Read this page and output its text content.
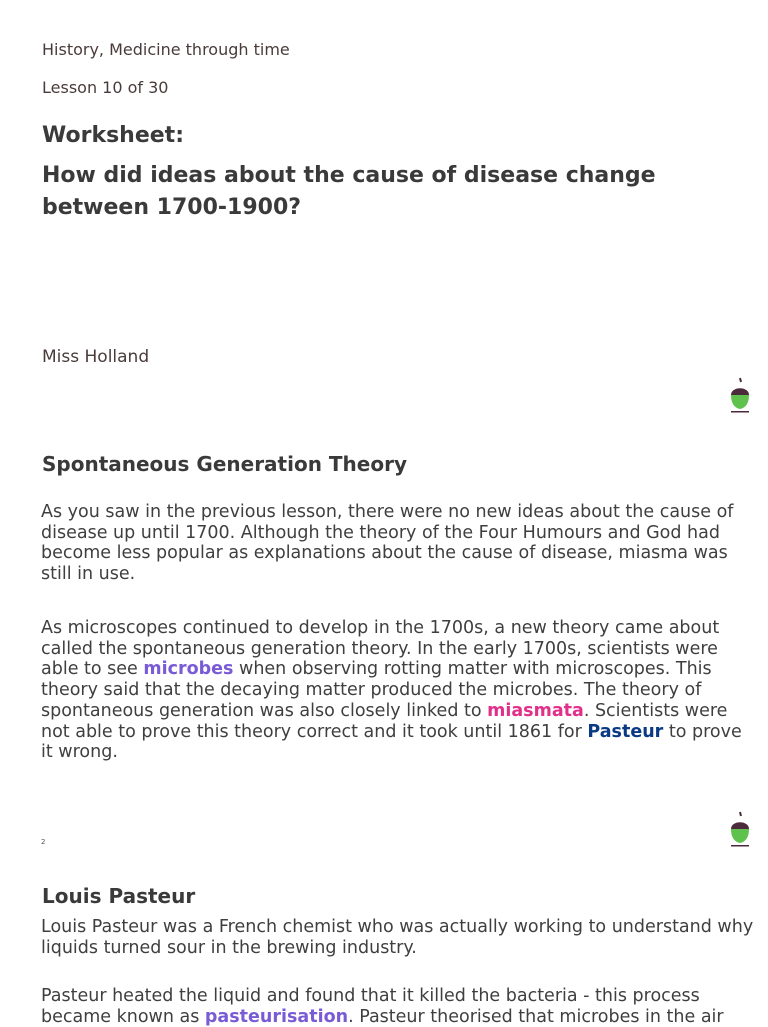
History, Medicine through time
Lesson 10 of 30
Worksheet:
How did ideas about the cause of disease change between 1700-1900?
Miss Holland
Spontaneous Generation Theory
As you saw in the previous lesson, there were no new ideas about the cause of disease up until 1700. Although the theory of the Four Humours and God had become less popular as explanations about the cause of disease, miasma was still in use.
As microscopes continued to develop in the 1700s, a new theory came about called the spontaneous generation theory. In the early 1700s, scientists were able to see microbes when observing rotting matter with microscopes. This theory said that the decaying matter produced the microbes. The theory of spontaneous generation was also closely linked to miasmata. Scientists were not able to prove this theory correct and it took until 1861 for Pasteur to prove it wrong.
2
Louis Pasteur
Louis Pasteur was a French chemist who was actually working to understand why liquids turned sour in the brewing industry.
Pasteur heated the liquid and found that it killed the bacteria - this process became known as pasteurisation. Pasteur theorised that microbes in the air
